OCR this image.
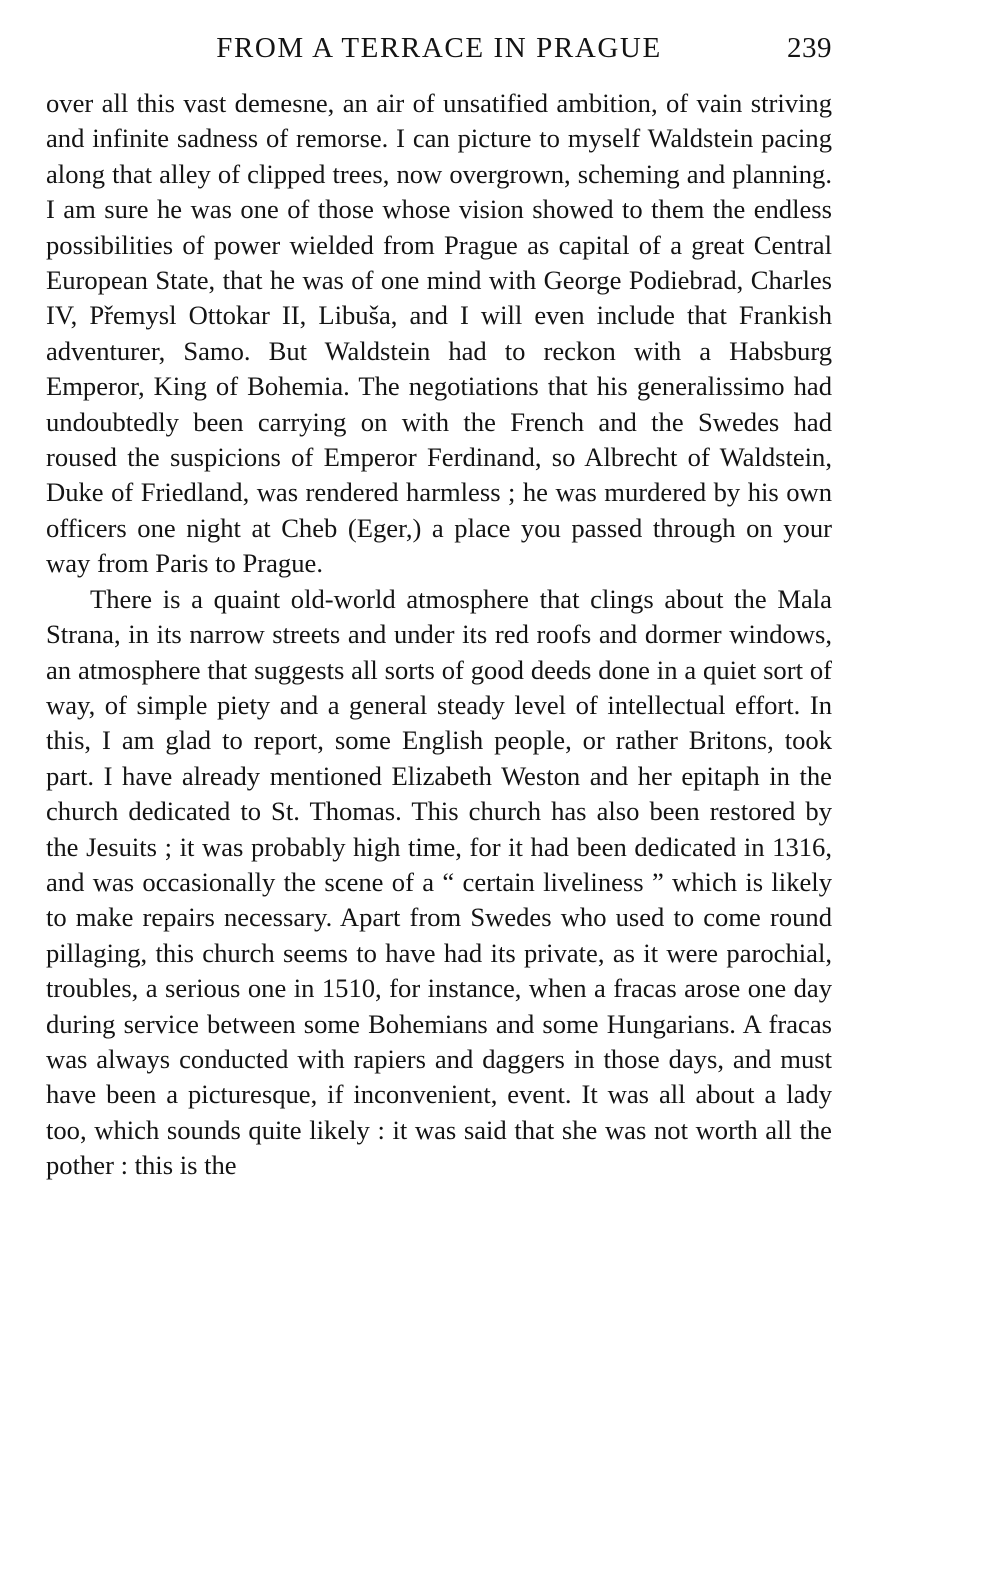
FROM A TERRACE IN PRAGUE	239

over all this vast demesne, an air of unsatified ambition, of vain striving and infinite sadness of remorse. I can picture to myself Waldstein pacing along that alley of clipped trees, now overgrown, scheming and planning. I am sure he was one of those whose vision showed to them the endless possibilities of power wielded from Prague as capital of a great Central European State, that he was of one mind with George Podiebrad, Charles IV, Přemysl Ottokar II, Libuša, and I will even include that Frankish adventurer, Samo. But Waldstein had to reckon with a Habsburg Emperor, King of Bohemia. The negotiations that his generalissimo had undoubtedly been carrying on with the French and the Swedes had roused the suspicions of Emperor Ferdinand, so Albrecht of Waldstein, Duke of Friedland, was rendered harmless ; he was murdered by his own officers one night at Cheb (Eger,) a place you passed through on your way from Paris to Prague.

There is a quaint old-world atmosphere that clings about the Mala Strana, in its narrow streets and under its red roofs and dormer windows, an atmosphere that suggests all sorts of good deeds done in a quiet sort of way, of simple piety and a general steady level of intellectual effort. In this, I am glad to report, some English people, or rather Britons, took part. I have already mentioned Elizabeth Weston and her epitaph in the church dedicated to St. Thomas. This church has also been restored by the Jesuits ; it was probably high time, for it had been dedicated in 1316, and was occasionally the scene of a “ certain liveliness ” which is likely to make repairs necessary. Apart from Swedes who used to come round pillaging, this church seems to have had its private, as it were parochial, troubles, a serious one in 1510, for instance, when a fracas arose one day during service between some Bohemians and some Hungarians. A fracas was always conducted with rapiers and daggers in those days, and must have been a picturesque, if inconvenient, event. It was all about a lady too, which sounds quite likely : it was said that she was not worth all the pother : this is the
